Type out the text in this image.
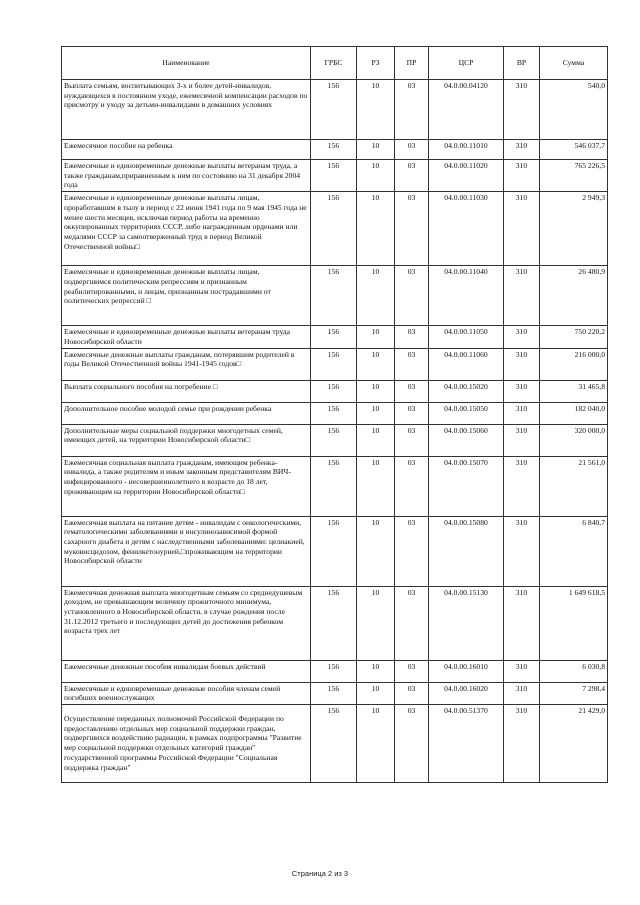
Наименование	ГРБС	РЗ	ПР	ЦСР	ВР	Сумма
Выплата семьям, воспитывающих 3-х и более детей-инвалидов, нуждающихся в постоянном уходе, ежемесячной компенсации расходов по присмотру и уходу за детьми-инвалидами в домашних условиях	156	10	03	04.0.00.04120	310	540,0
Ежемесячное пособие на ребенка	156	10	03	04.0.00.11010	310	546 037,7
Ежемесячные и единовременные денежные выплаты ветеранам труда, а также гражданам,приравненным к ним по состоянию на 31 декабря 2004 года	156	10	03	04.0.00.11020	310	765 226,5
Ежемесячные и единовременные денежные выплаты лицам, проработавшим в тылу в период с 22 июня 1941 года по 9 мая 1945 года не менее шести месяцев, исключая период работы на временно оккупированных территориях СССР, либо награжденным орденами или медалями СССР за самоотверженный труд в период Великой Отечественной войны□	156	10	03	04.0.00.11030	310	2 949,3
Ежемесячные и единовременные денежные выплаты лицам, подвергшимся политическим репрессиям и признанным реабилитированными, и лицам, признанным пострадавшими от политических репрессий □	156	10	03	04.0.00.11040	310	26 480,9
Ежемесячные и единовременные денежные выплаты ветеранам труда Новосибирской области	156	10	03	04.0.00.11050	310	750 220,2
Ежемесячные денежные выплаты гражданам, потерявшим родителей в годы Великой Отечественной войны 1941-1945 годов□	156	10	03	04.0.00.11060	310	216 000,0
Выплата социального пособия на погребение □	156	10	03	04.0.00.15020	310	31 465,8
Дополнительное пособие молодой семье при рождении ребенка	156	10	03	04.0.00.15050	310	182 040,0
Дополнительные меры социальной поддержки многодетных семей, имеющих детей, на территории Новосибирской области□	156	10	03	04.0.00.15060	310	320 000,0
Ежемесячная социальная выплата гражданам, имеющим ребенка-инвалида, а также родителям и иным законным представителям ВИЧ-инфицированного - несовершеннолетнего в возрасте до 18 лет, проживающим на территории Новосибирской области□	156	10	03	04.0.00.15070	310	21 561,0
Ежемесячная выплата на питание детям - инвалидам с онкологическими, гематологическими заболеваниями и инсулинозависимой формой сахарного диабета и детям с наследственными заболеваниями: целиакией, муковисцидозом, фенилкетонурией,□проживающим на территории Новосибирской области	156	10	03	04.0.00.15080	310	6 840,7
Ежемесячная денежная выплата многодетным семьям со среднедушевым доходом, не превышающим величину прожиточного минимума, установленного в Новосибирской области, в случае рождения после 31.12.2012 третьего и последующих детей до достижения ребенком возраста трех лет	156	10	03	04.0.00.15130	310	1 649 618,5
Ежемесячные денежные пособия инвалидам боевых действий	156	10	03	04.0.00.16010	310	6 030,8
Ежемесячные и единовременные денежные пособия членам семей погибших военнослужащих	156	10	03	04.0.00.16020	310	7 298,4
Осуществление переданных полномочий Российской Федерации по предоставлению отдельных мер социальной поддержки граждан, подвергшихся воздействию радиации, в рамках подпрограммы "Развитие мер социальной поддержки отдельных категорий граждан" государственной программы Российской Федерации "Социальная поддержка граждан"	156	10	03	04.0.00.51370	310	21 429,0
Страница 2 из 3
